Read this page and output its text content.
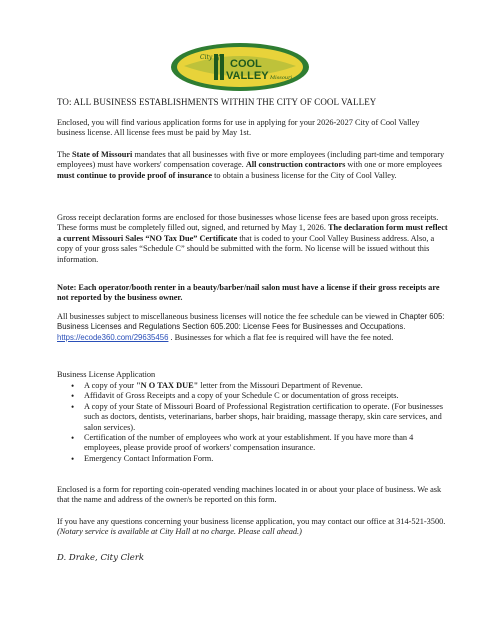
City of
COOL
VALLEY Missouri

TO: ALL BUSINESS ESTABLISHMENTS WITHIN THE CITY OF COOL VALLEY

Enclosed, you will find various application forms for use in applying for your 2026-2027 City of Cool Valley business license. All license fees must be paid by May 1st.

The State of Missouri mandates that all businesses with five or more employees (including part-time and temporary employees) must have workers' compensation coverage. All construction contractors with one or more employees must continue to provide proof of insurance to obtain a business license for the City of Cool Valley.

Gross receipt declaration forms are enclosed for those businesses whose license fees are based upon gross receipts. These forms must be completely filled out, signed, and returned by May 1, 2026. The declaration form must reflect a current Missouri Sales “NO Tax Due” Certificate that is coded to your Cool Valley Business address. Also, a copy of your gross sales “Schedule C” should be submitted with the form. No license will be issued without this information.

Note: Each operator/booth renter in a beauty/barber/nail salon must have a license if their gross receipts are not reported by the business owner.

All businesses subject to miscellaneous business licenses will notice the fee schedule can be viewed in Chapter 605: Business Licenses and Regulations Section 605.200: License Fees for Businesses and Occupations. https://ecode360.com/29635456 . Businesses for which a flat fee is required will have the fee noted.

Business License Application

• A copy of your "N O TAX DUE" letter from the Missouri Department of Revenue.
• Affidavit of Gross Receipts and a copy of your Schedule C or documentation of gross receipts.
• A copy of your State of Missouri Board of Professional Registration certification to operate. (For businesses such as doctors, dentists, veterinarians, barber shops, hair braiding, massage therapy, skin care services, and salon services).
• Certification of the number of employees who work at your establishment. If you have more than 4 employees, please provide proof of workers' compensation insurance.
• Emergency Contact Information Form.

Enclosed is a form for reporting coin-operated vending machines located in or about your place of business. We ask that the name and address of the owner/s be reported on this form.

If you have any questions concerning your business license application, you may contact our office at 314-521-3500. (Notary service is available at City Hall at no charge. Please call ahead.)

D. Drake, City Clerk
